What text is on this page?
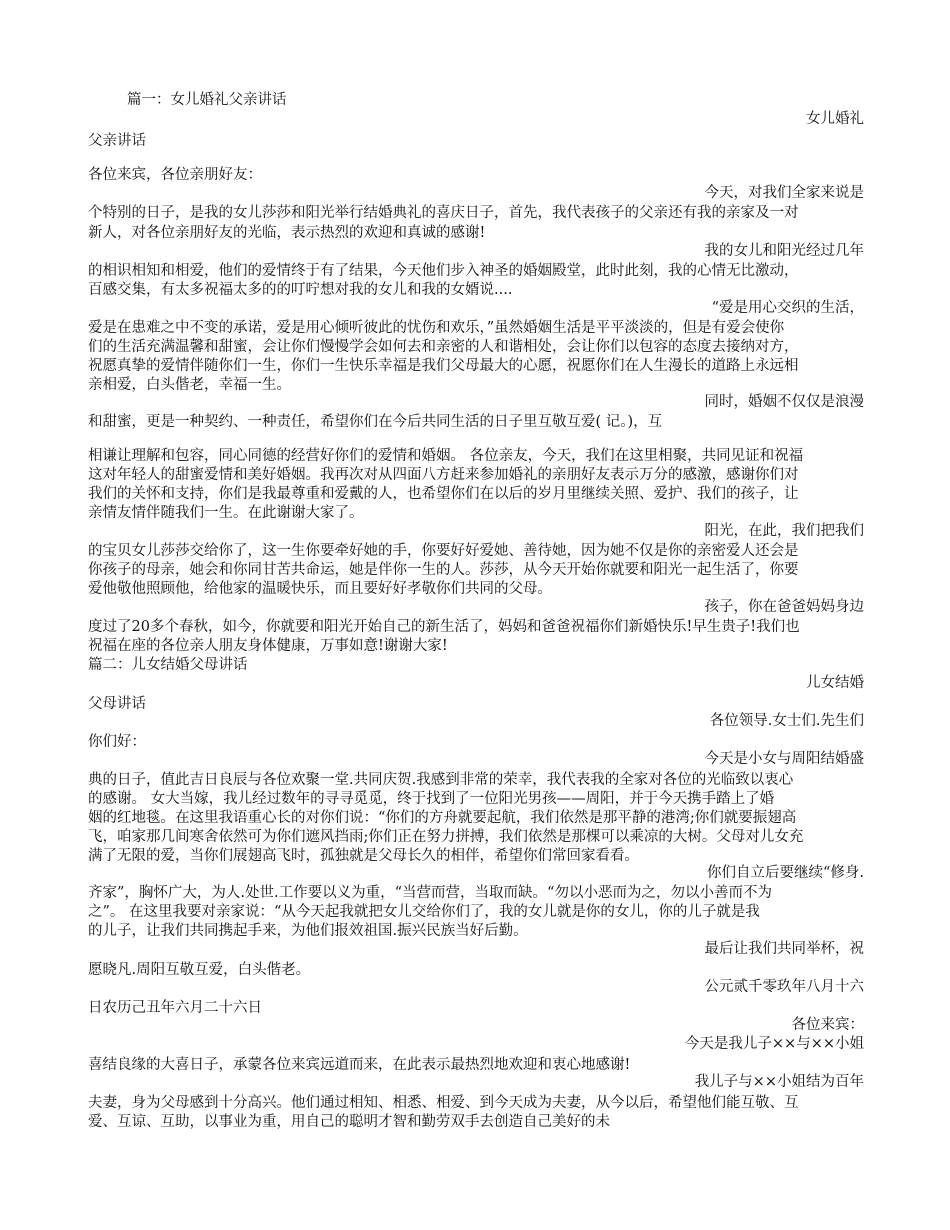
篇一：女儿婚礼父亲讲话
女儿婚礼
父亲讲话
各位来宾，各位亲朋好友：
今天，对我们全家来说是
个特别的日子，是我的女儿莎莎和阳光举行结婚典礼的喜庆日子，首先，我代表孩子的父亲还有我的亲家及一对
新人，对各位亲朋好友的光临，表示热烈的欢迎和真诚的感谢!
我的女儿和阳光经过几年
的相识相知和相爱，他们的爱情终于有了结果，今天他们步入神圣的婚姻殿堂，此时此刻，我的心情无比激动，
百感交集，有太多祝福太多的的叮咛想对我的女儿和我的女婿说....
“爱是用心交织的生活，
爱是在患难之中不变的承诺，爱是用心倾听彼此的忧伤和欢乐，”虽然婚姻生活是平平淡淡的，但是有爱会使你
们的生活充满温馨和甜蜜，会让你们慢慢学会如何去和亲密的人和谐相处，会让你们以包容的态度去接纳对方，
祝愿真挚的爱情伴随你们一生，你们一生快乐幸福是我们父母最大的心愿，祝愿你们在人生漫长的道路上永远相
亲相爱，白头偕老，幸福一生。
同时，婚姻不仅仅是浪漫
和甜蜜，更是一种契约、一种责任，希望你们在今后共同生活的日子里互敬互爱( 记。)，互
相谦让理解和包容，同心同德的经营好你们的爱情和婚姻。 各位亲友，今天，我们在这里相聚，共同见证和祝福
这对年轻人的甜蜜爱情和美好婚姻。我再次对从四面八方赶来参加婚礼的亲朋好友表示万分的感激，感谢你们对
我们的关怀和支持，你们是我最尊重和爱戴的人，也希望你们在以后的岁月里继续关照、爱护、我们的孩子，让
亲情友情伴随我们一生。在此谢谢大家了。
阳光，在此，我们把我们
的宝贝女儿莎莎交给你了，这一生你要牵好她的手，你要好好爱她、善待她，因为她不仅是你的亲密爱人还会是
你孩子的母亲，她会和你同甘苦共命运，她是伴你一生的人。莎莎，从今天开始你就要和阳光一起生活了，你要
爱他敬他照顾他，给他家的温暖快乐，而且要好好孝敬你们共同的父母。
孩子，你在爸爸妈妈身边
度过了20多个春秋，如今，你就要和阳光开始自己的新生活了，妈妈和爸爸祝福你们新婚快乐!早生贵子!我们也
祝福在座的各位亲人朋友身体健康，万事如意!谢谢大家!
篇二：儿女结婚父母讲话
儿女结婚
父母讲话
各位领导.女士们.先生们
你们好：
今天是小女与周阳结婚盛
典的日子，值此吉日良辰与各位欢聚一堂.共同庆贺.我感到非常的荣幸，我代表我的全家对各位的光临致以衷心
的感谢。 女大当嫁，我儿经过数年的寻寻觅觅，终于找到了一位阳光男孩——周阳，并于今天携手踏上了婚
姻的红地毯。在这里我语重心长的对你们说：“你们的方舟就要起航，我们依然是那平静的港湾;你们就要振翅高
飞，咱家那几间寒舍依然可为你们遮风挡雨;你们正在努力拼搏，我们依然是那棵可以乘凉的大树。父母对儿女充
满了无限的爱，当你们展翅高飞时，孤独就是父母长久的相伴，希望你们常回家看看。
你们自立后要继续“修身.
齐家”，胸怀广大，为人.处世.工作要以义为重，“当营而营，当取而缺。“勿以小恶而为之，勿以小善而不为
之”。 在这里我要对亲家说：“从今天起我就把女儿交给你们了，我的女儿就是你的女儿，你的儿子就是我
的儿子，让我们共同携起手来，为他们报效祖国.振兴民族当好后勤。
最后让我们共同举杯，祝
愿晓凡.周阳互敬互爱，白头偕老。
公元贰千零玖年八月十六
日农历己丑年六月二十六日
各位来宾：
今天是我儿子××与××小姐
喜结良缘的大喜日子，承蒙各位来宾远道而来，在此表示最热烈地欢迎和衷心地感谢!
我儿子与××小姐结为百年
夫妻，身为父母感到十分高兴。他们通过相知、相悉、相爱、到今天成为夫妻，从今以后，希望他们能互敬、互
爱、互谅、互助，以事业为重，用自己的聪明才智和勤劳双手去创造自己美好的未
